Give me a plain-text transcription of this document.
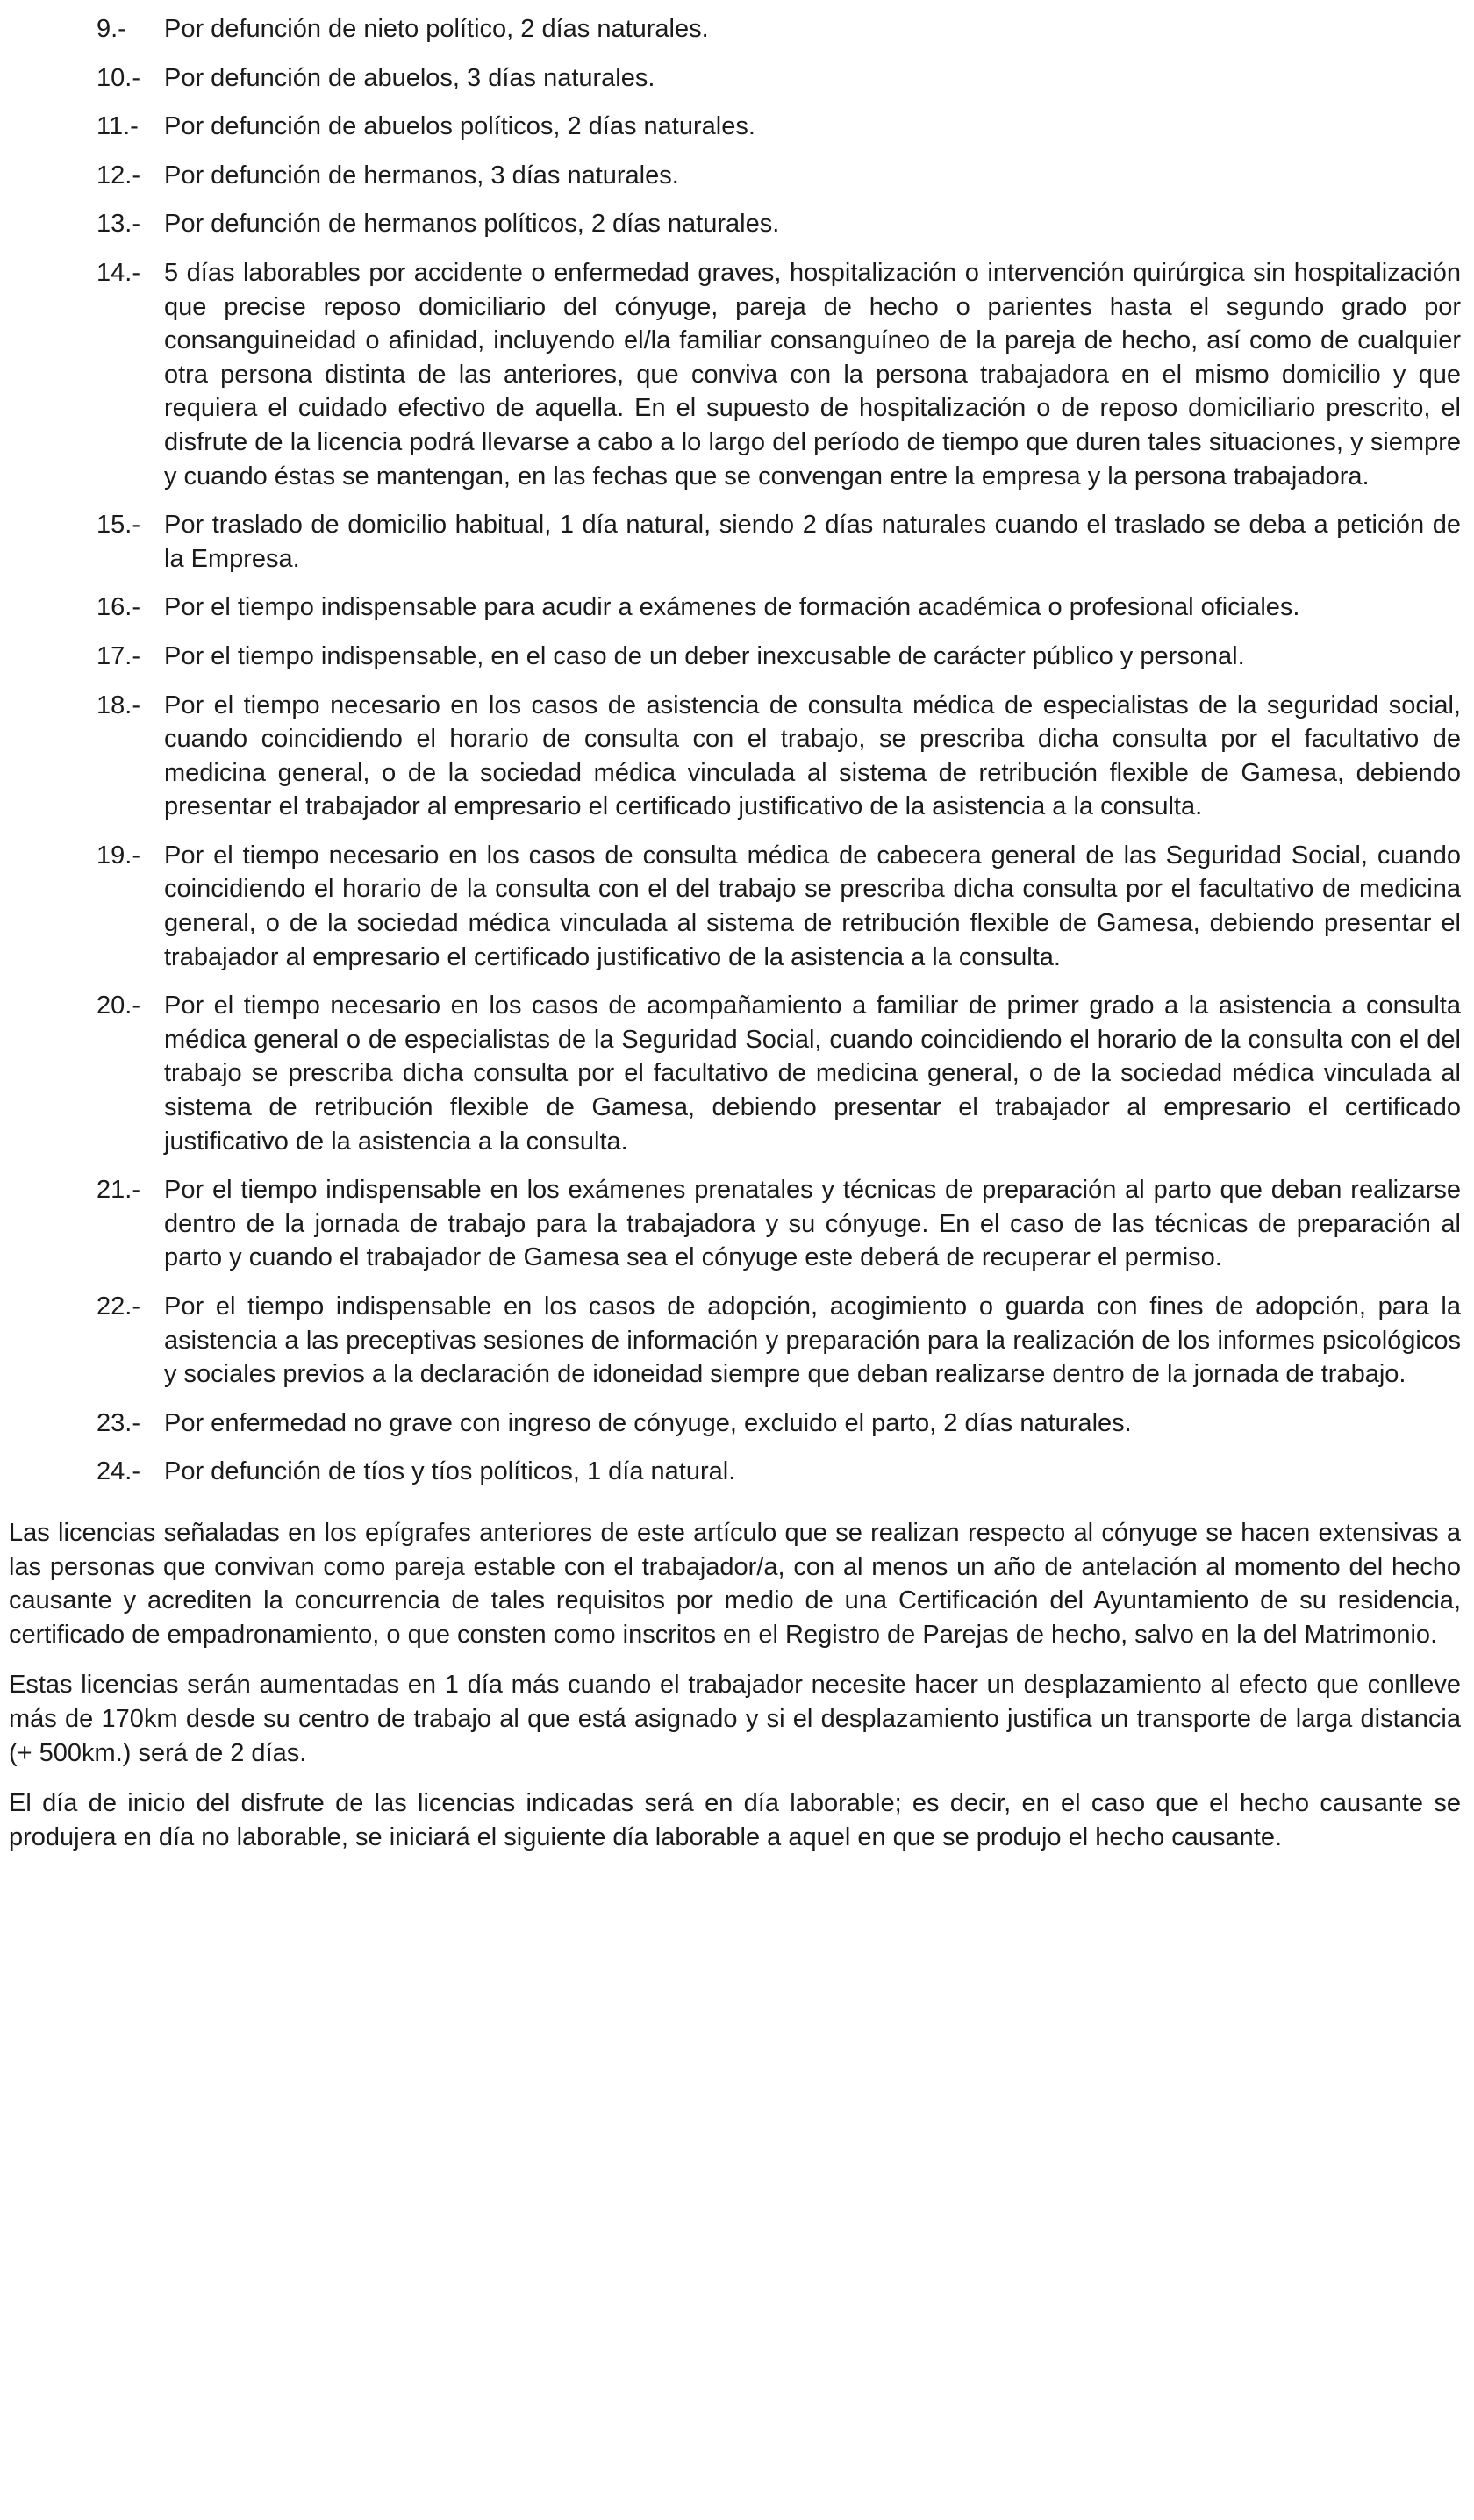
9.-	Por defunción de nieto político, 2 días naturales.
10.- Por defunción de abuelos, 3 días naturales.
11.-	Por defunción de abuelos políticos, 2 días naturales.
12.- Por defunción de hermanos, 3 días naturales.
13.- Por defunción de hermanos políticos, 2 días naturales.
14.- 5 días laborables por accidente o enfermedad graves, hospitalización o intervención quirúrgica sin hospitalización que precise reposo domiciliario del cónyuge, pareja de hecho o parientes hasta el segundo grado por consanguineidad o afinidad, incluyendo el/la familiar consanguíneo de la pareja de hecho, así como de cualquier otra persona distinta de las anteriores, que conviva con la persona trabajadora en el mismo domicilio y que requiera el cuidado efectivo de aquella. En el supuesto de hospitalización o de reposo domiciliario prescrito, el disfrute de la licencia podrá llevarse a cabo a lo largo del período de tiempo que duren tales situaciones, y siempre y cuando éstas se mantengan, en las fechas que se convengan entre la empresa y la persona trabajadora.
15.- Por traslado de domicilio habitual, 1 día natural, siendo 2 días naturales cuando el traslado se deba a petición de la Empresa.
16.- Por el tiempo indispensable para acudir a exámenes de formación académica o profesional oficiales.
17.- Por el tiempo indispensable, en el caso de un deber inexcusable de carácter público y personal.
18.- Por el tiempo necesario en los casos de asistencia de consulta médica de especialistas de la seguridad social, cuando coincidiendo el horario de consulta con el trabajo, se prescriba dicha consulta por el facultativo de medicina general, o de la sociedad médica vinculada al sistema de retribución flexible de Gamesa, debiendo presentar el trabajador al empresario el certificado justificativo de la asistencia a la consulta.
19.- Por el tiempo necesario en los casos de consulta médica de cabecera general de las Seguridad Social, cuando coincidiendo el horario de la consulta con el del trabajo se prescriba dicha consulta por el facultativo de medicina general, o de la sociedad médica vinculada al sistema de retribución flexible de Gamesa, debiendo presentar el trabajador al empresario el certificado justificativo de la asistencia a la consulta.
20.- Por el tiempo necesario en los casos de acompañamiento a familiar de primer grado a la asistencia a consulta médica general o de especialistas de la Seguridad Social, cuando coincidiendo el horario de la consulta con el del trabajo se prescriba dicha consulta por el facultativo de medicina general, o de la sociedad médica vinculada al sistema de retribución flexible de Gamesa, debiendo presentar el trabajador al empresario el certificado justificativo de la asistencia a la consulta.
21.- Por el tiempo indispensable en los exámenes prenatales y técnicas de preparación al parto que deban realizarse dentro de la jornada de trabajo para la trabajadora y su cónyuge. En el caso de las técnicas de preparación al parto y cuando el trabajador de Gamesa sea el cónyuge este deberá de recuperar el permiso.
22.- Por el tiempo indispensable en los casos de adopción, acogimiento o guarda con fines de adopción, para la asistencia a las preceptivas sesiones de información y preparación para la realización de los informes psicológicos y sociales previos a la declaración de idoneidad siempre que deban realizarse dentro de la jornada de trabajo.
23.- Por enfermedad no grave con ingreso de cónyuge, excluido el parto, 2 días naturales.
24.- Por defunción de tíos y tíos políticos, 1 día natural.

Las licencias señaladas en los epígrafes anteriores de este artículo que se realizan respecto al cónyuge se hacen extensivas a las personas que convivan como pareja estable con el trabajador/a, con al menos un año de antelación al momento del hecho causante y acrediten la concurrencia de tales requisitos por medio de una Certificación del Ayuntamiento de su residencia, certificado de empadronamiento, o que consten como inscritos en el Registro de Parejas de hecho, salvo en la del Matrimonio.

Estas licencias serán aumentadas en 1 día más cuando el trabajador necesite hacer un desplazamiento al efecto que conlleve más de 170km desde su centro de trabajo al que está asignado y si el desplazamiento justifica un transporte de larga distancia (+ 500km.) será de 2 días.

El día de inicio del disfrute de las licencias indicadas será en día laborable; es decir, en el caso que el hecho causante se produjera en día no laborable, se iniciará el siguiente día laborable a aquel en que se produjo el hecho causante.
